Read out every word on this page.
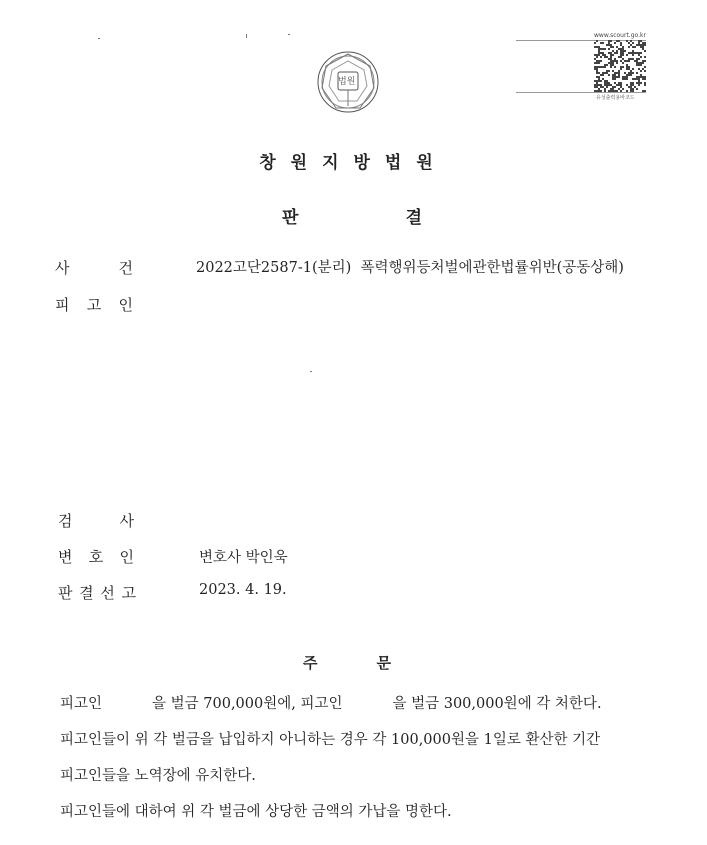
법원
www.scourt.go.kr
유성출력용바코드
창원지방법원
판	결
사	건	2022고단2587-1(분리)  폭력행위등처벌에관한법률위반(공동상해)
피 고 인
검	사
변 호 인	변호사 박인욱
판 결 선 고	2023. 4. 19.
주	문
피고인	을 벌금 700,000원에, 피고인	을 벌금 300,000원에 각 처한다.
피고인들이 위 각 벌금을 납입하지 아니하는 경우 각 100,000원을 1일로 환산한 기간
피고인들을 노역장에 유치한다.
피고인들에 대하여 위 각 벌금에 상당한 금액의 가납을 명한다.
